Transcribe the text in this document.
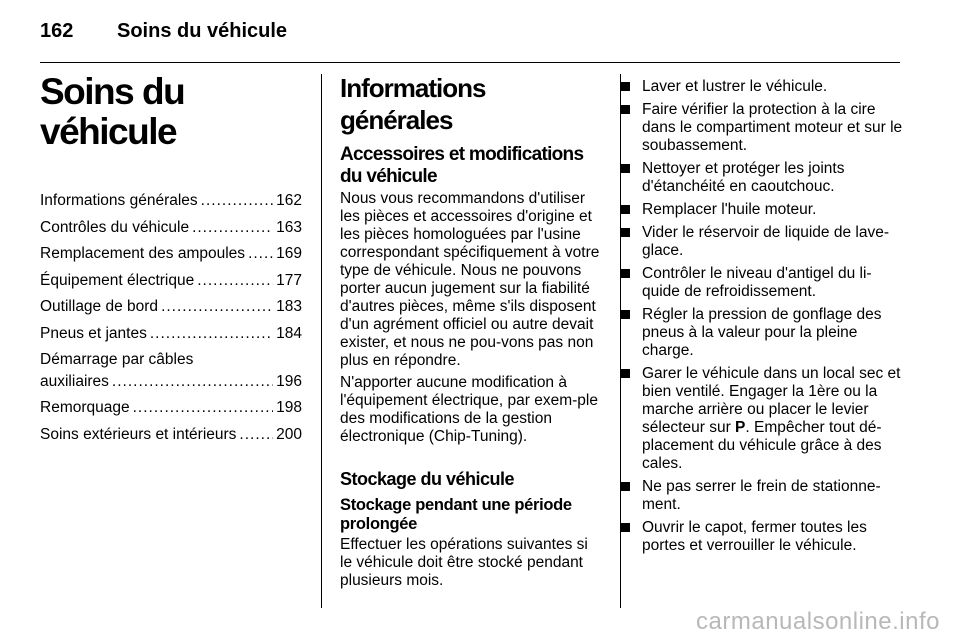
162 Soins du véhicule
Soins du véhicule
Informations générales .....	162
Contrôles du véhicule .....	163
Remplacement des ampoules ..... 169
Équipement électrique .....	177
Outillage de bord .....	183
Pneus et jantes .....	184
Démarrage par câbles
auxiliaires .....	196
Remorquage .....	198
Soins extérieurs et intérieurs .....	200
Informations générales
Accessoires et modifications du véhicule

Nous vous recommandons d'utiliser les pièces et accessoires d'origine et les pièces homologuées par l'usine correspondant spécifiquement à votre type de véhicule. Nous ne pouvons porter aucun jugement sur la fiabilité d'autres pièces, même s'ils disposent d'un agrément officiel ou autre devait exister, et nous ne pou-vons pas non plus en répondre.

N'apporter aucune modification à l'équipement électrique, par exem-ple des modifications de la gestion électronique (Chip-Tuning).

Stockage du véhicule
Stockage pendant une période prolongée

Effectuer les opérations suivantes si le véhicule doit être stocké pendant plusieurs mois.

Laver et lustrer le véhicule.
Faire vérifier la protection à la cire dans le compartiment moteur et sur le soubassement.
Nettoyer et protéger les joints d'étanchéité en caoutchouc.
Remplacer l'huile moteur.
Vider le réservoir de liquide de lave-glace.
Contrôler le niveau d'antigel du li-quide de refroidissement.
Régler la pression de gonflage des pneus à la valeur pour la pleine charge.
Garer le véhicule dans un local sec et bien ventilé. Engager la 1ère ou la marche arrière ou placer le levier sélecteur sur P. Empêcher tout dé-placement du véhicule grâce à des cales.
Ne pas serrer le frein de stationne-ment.
Ouvrir le capot, fermer toutes les portes et verrouiller le véhicule.
carmanualsonline.info
